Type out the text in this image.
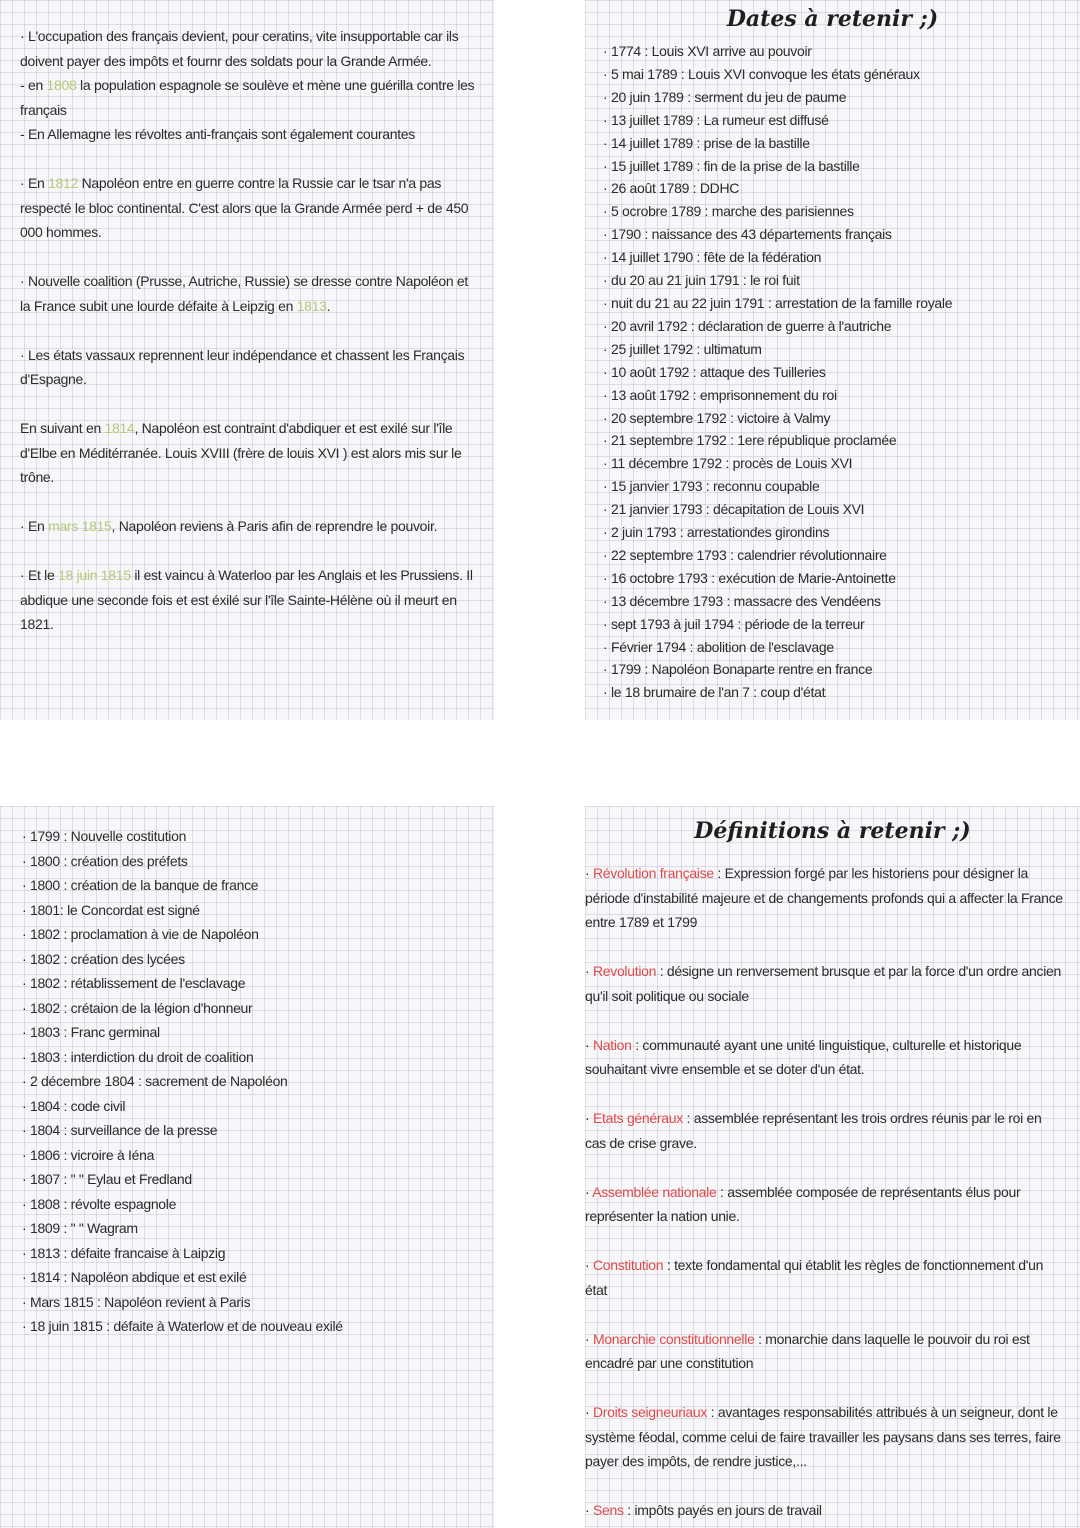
· L'occupation des français devient, pour ceratins, vite insupportable car ils doivent payer des impôts et fournr des soldats pour la Grande Armée.

- en 1808 la population espagnole se soulève et mène une guérilla contre les français

- En Allemagne les révoltes anti-français sont également courantes

· En 1812 Napoléon entre en guerre contre la Russie car le tsar n'a pas respecté le bloc continental. C'est alors que la Grande Armée perd + de 450 000 hommes.

· Nouvelle coalition (Prusse, Autriche, Russie) se dresse contre Napoléon et la France subit une lourde défaite à Leipzig en 1813.

· Les états vassaux reprennent leur indépendance et chassent les Français d'Espagne.

En suivant en 1814, Napoléon est contraint d'abdiquer et est exilé sur l'île d'Elbe en Méditérranée. Louis XVIII (frère de louis XVI ) est alors mis sur le trône.

· En mars 1815, Napoléon reviens à Paris afin de reprendre le pouvoir.

· Et le 18 juin 1815 il est vaincu à Waterloo par les Anglais et les Prussiens. Il abdique une seconde fois et est éxilé sur l'île Sainte-Hélène où il meurt en 1821.

Dates à retenir ;)
· 1774 : Louis XVI arrive au pouvoir
· 5 mai 1789 : Louis XVI convoque les états généraux
· 20 juin 1789 : serment du jeu de paume
· 13 juillet 1789 : La rumeur est diffusé
· 14 juillet 1789 : prise de la bastille
· 15 juillet 1789 : fin de la prise de la bastille
· 26 août 1789 : DDHC
· 5 ocrobre 1789 : marche des parisiennes
· 1790 : naissance des 43 départements français
· 14 juillet 1790 : fête de la fédération
· du 20 au 21 juin 1791 : le roi fuit
· nuit du 21 au 22 juin 1791 : arrestation de la famille royale
· 20 avril 1792 : déclaration de guerre à l'autriche
· 25 juillet 1792 : ultimatum
· 10 août 1792 : attaque des Tuilleries
· 13 août 1792 : emprisonnement du roi
· 20 septembre 1792 : victoire à Valmy
· 21 septembre 1792 : 1ere république proclamée
· 11 décembre 1792 : procès de Louis XVI
· 15 janvier 1793 : reconnu coupable
· 21 janvier 1793 : décapitation de Louis XVI
· 2 juin 1793 : arrestationdes girondins
· 22 septembre 1793 : calendrier révolutionnaire
· 16 octobre 1793 : exécution de Marie-Antoinette
· 13 décembre 1793 : massacre des Vendéens
· sept 1793 à juil 1794 : période de la terreur
· Février 1794 : abolition de l'esclavage
· 1799 : Napoléon Bonaparte rentre en france
· le 18 brumaire de l'an 7 : coup d'état
· 1799 : Nouvelle costitution
· 1800 : création des préfets
· 1800 : création de la banque de france
· 1801: le Concordat est signé
· 1802 : proclamation à vie de Napoléon
· 1802 : création des lycées
· 1802 : rétablissement de l'esclavage
· 1802 : crétaion de la légion d'honneur
· 1803 : Franc germinal
· 1803 : interdiction du droit de coalition
· 2 décembre 1804 : sacrement de Napoléon
· 1804 : code civil
· 1804 : surveillance de la presse
· 1806 : vicroire à Iéna
· 1807 : " " Eylau et Fredland
· 1808 : révolte espagnole
· 1809 : " " Wagram
· 1813 : défaite francaise à Laipzig
· 1814 : Napoléon abdique et est exilé
· Mars 1815 : Napoléon revient à Paris
· 18 juin 1815 : défaite à Waterlow et de nouveau exilé
Définitions à retenir ;)

· Révolution française : Expression forgé par les historiens pour désigner la période d'instabilité majeure et de changements profonds qui a affecter la France entre 1789 et 1799

· Revolution : désigne un renversement brusque et par la force d'un ordre ancien qu'il soit politique ou sociale

· Nation : communauté ayant une unité linguistique, culturelle et historique souhaitant vivre ensemble et se doter d'un état.

· Etats généraux : assemblée représentant les trois ordres réunis par le roi en cas de crise grave.

· Assemblée nationale : assemblée composée de représentants élus pour représenter la nation unie.

· Constitution : texte fondamental qui établit les règles de fonctionnement d'un état

· Monarchie constitutionnelle : monarchie dans laquelle le pouvoir du roi est encadré par une constitution

· Droits seigneuriaux : avantages responsabilités attribués à un seigneur, dont le système féodal, comme celui de faire travailler les paysans dans ses terres, faire payer des impôts, de rendre justice,...

· Sens : impôts payés en jours de travail
